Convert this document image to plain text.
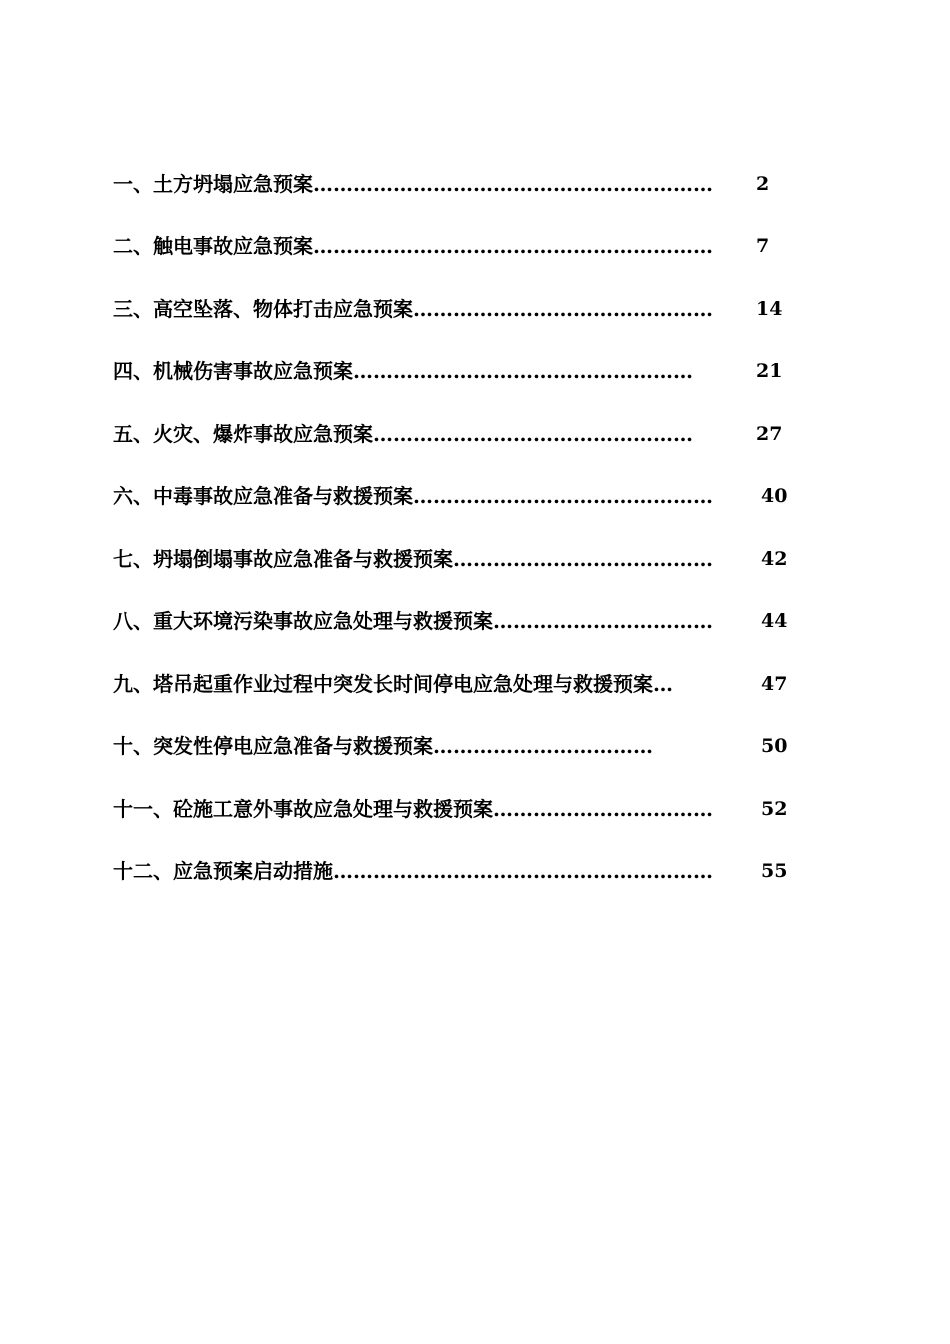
一、土方坍塌应急预案…………………………………………………… 2
二、触电事故应急预案…………………………………………………… 7
三、高空坠落、物体打击应急预案……………………………………… 14
四、机械伤害事故应急预案……………………………………………	21
五、火灾、爆炸事故应急预案…………………………………………	27
六、中毒事故应急准备与救援预案………………………………………	40
七、坍塌倒塌事故应急准备与救援预案…………………………………	42
八、重大环境污染事故应急处理与救援预案……………………………	44
九、塔吊起重作业过程中突发长时间停电应急处理与救援预案…	47
十、突发性停电应急准备与救援预案……………………………	50
十一、砼施工意外事故应急处理与救援预案……………………………	52
十二、应急预案启动措施…………………………………………………	55
